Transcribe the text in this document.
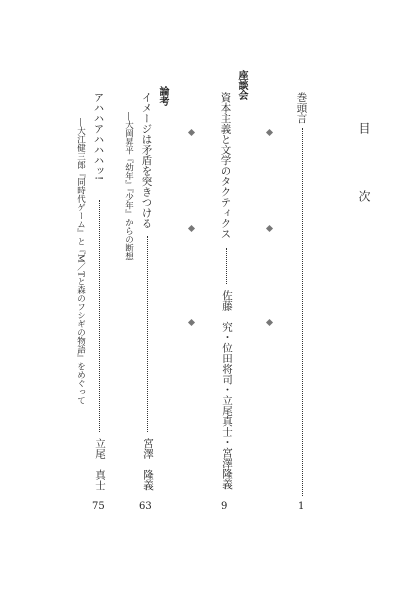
目　次
巻頭言
1
座談会
資本主義と文学のタクティクス
佐藤　究・位田将司・立尾真士・宮澤隆義
9
論考
イメージは矛盾を突きつける
―大岡昇平『幼年』『少年』からの断想
宮澤　隆義
63
アハハアハハハッ!
―大江健三郎『同時代ゲーム』と『M／Tと森のフシギの物語』をめぐって
立尾　真士
75
